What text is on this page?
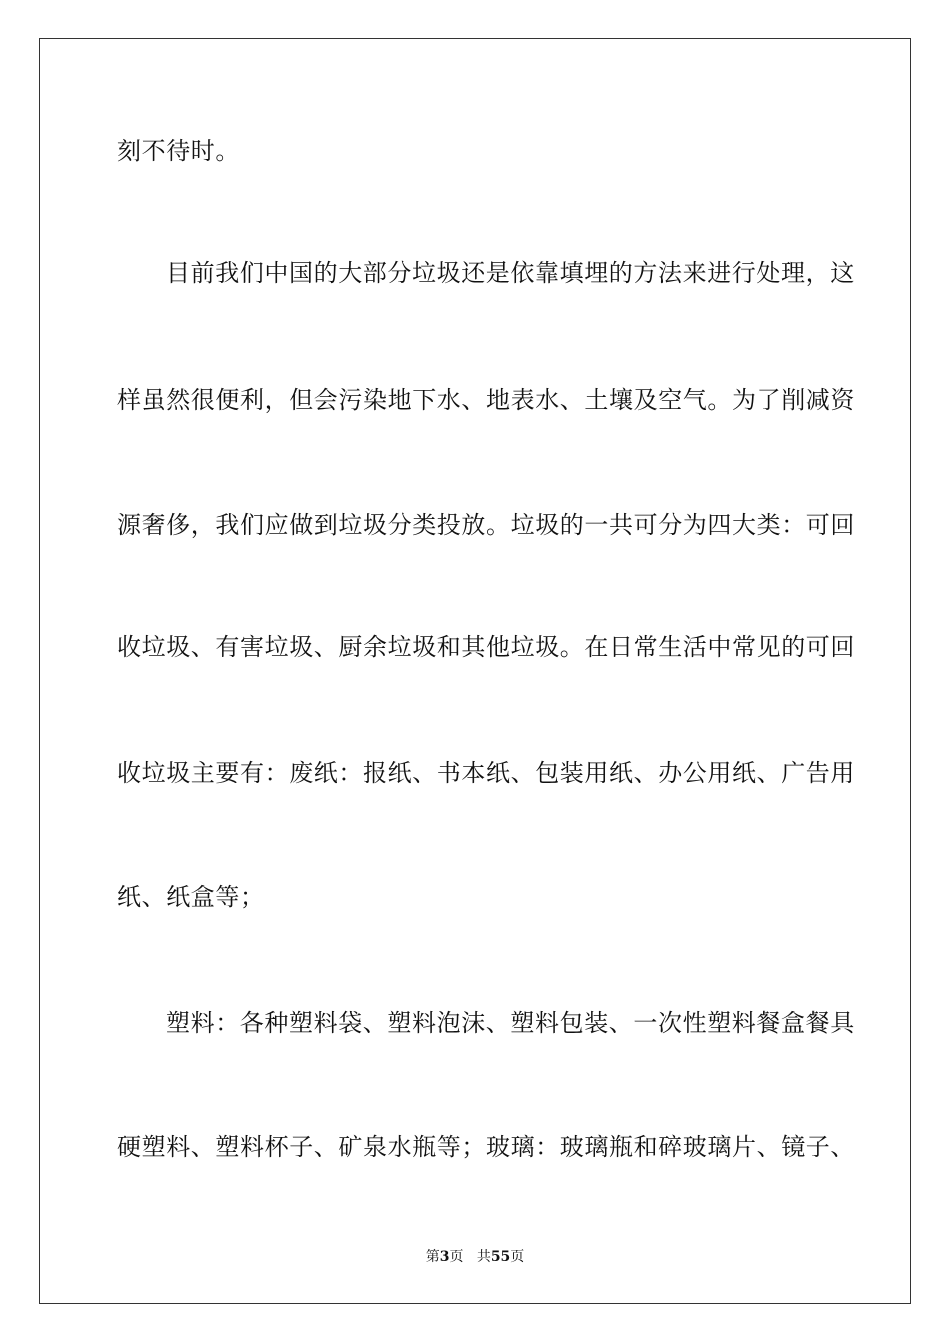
刻不待时。
目前我们中国的大部分垃圾还是依靠填埋的方法来进行处理，这
样虽然很便利，但会污染地下水、地表水、土壤及空气。为了削减资
源奢侈，我们应做到垃圾分类投放。垃圾的一共可分为四大类：可回
收垃圾、有害垃圾、厨余垃圾和其他垃圾。在日常生活中常见的可回
收垃圾主要有：废纸：报纸、书本纸、包装用纸、办公用纸、广告用
纸、纸盒等；
塑料：各种塑料袋、塑料泡沫、塑料包装、一次性塑料餐盒餐具
硬塑料、塑料杯子、矿泉水瓶等；玻璃：玻璃瓶和碎玻璃片、镜子、
第3页 共55页
